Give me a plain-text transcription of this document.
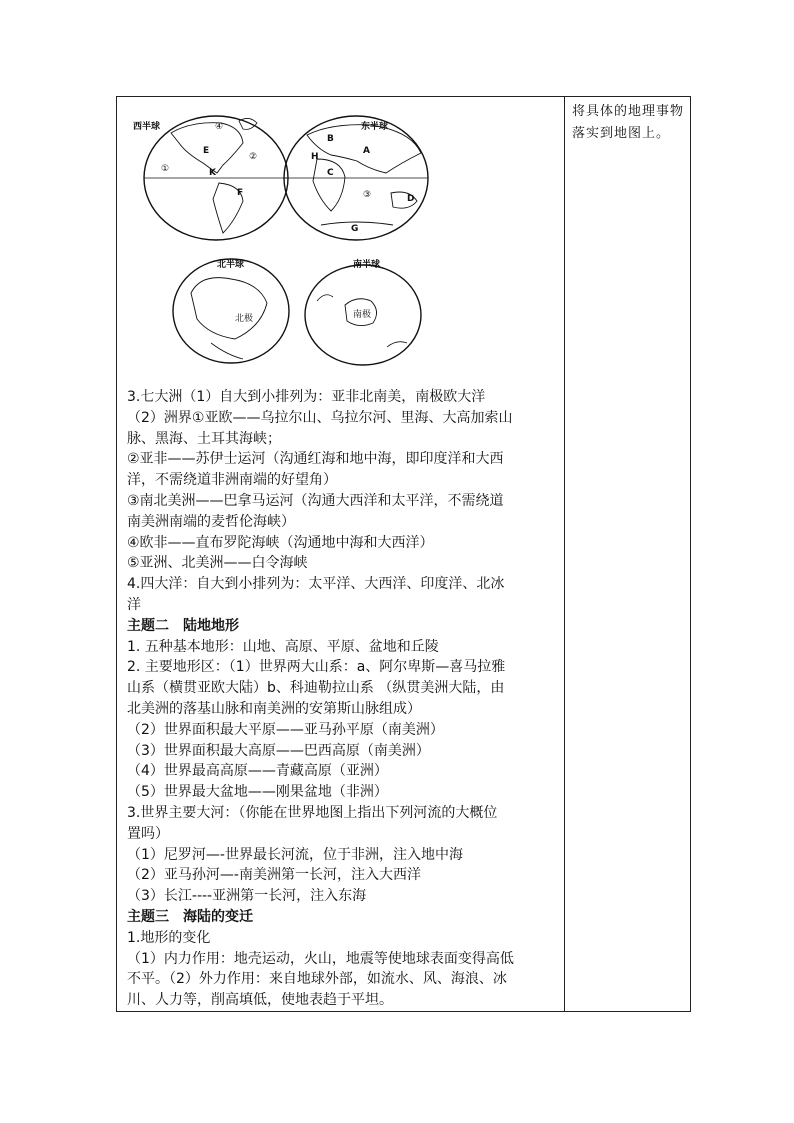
将具体的地理事物落实到地图上。
西半球	④
E
②
①	K
F
东半球
B
A
H
C
③	D
G
北半球
北极
南半球
南极

3.七大洲（1）自大到小排列为：亚非北南美，南极欧大洋

（2）洲界①亚欧——乌拉尔山、乌拉尔河、里海、大高加索山

脉、黑海、土耳其海峡；

②亚非——苏伊士运河（沟通红海和地中海，即印度洋和大西

洋，不需绕道非洲南端的好望角）

③南北美洲——巴拿马运河（沟通大西洋和太平洋，不需绕道

南美洲南端的麦哲伦海峡）

④欧非——直布罗陀海峡（沟通地中海和大西洋）

⑤亚洲、北美洲——白令海峡

4.四大洋：自大到小排列为：太平洋、大西洋、印度洋、北冰

洋

主题二　陆地地形

1. 五种基本地形：山地、高原、平原、盆地和丘陵

2. 主要地形区：（1）世界两大山系：a、阿尔卑斯—喜马拉雅

山系（横贯亚欧大陆）b、科迪勒拉山系 （纵贯美洲大陆，由

北美洲的落基山脉和南美洲的安第斯山脉组成）

（2）世界面积最大平原——亚马孙平原（南美洲）

（3）世界面积最大高原——巴西高原（南美洲）

（4）世界最高高原——青藏高原（亚洲）

（5）世界最大盆地——刚果盆地（非洲）

3.世界主要大河：（你能在世界地图上指出下列河流的大概位

置吗）

（1）尼罗河—-世界最长河流，位于非洲，注入地中海

（2）亚马孙河—-南美洲第一长河，注入大西洋

（3）长江----亚洲第一长河，注入东海

主题三　海陆的变迁

1.地形的变化

（1）内力作用：地壳运动，火山，地震等使地球表面变得高低

不平。（2）外力作用：来自地球外部，如流水、风、海浪、冰

川、人力等，削高填低，使地表趋于平坦。
